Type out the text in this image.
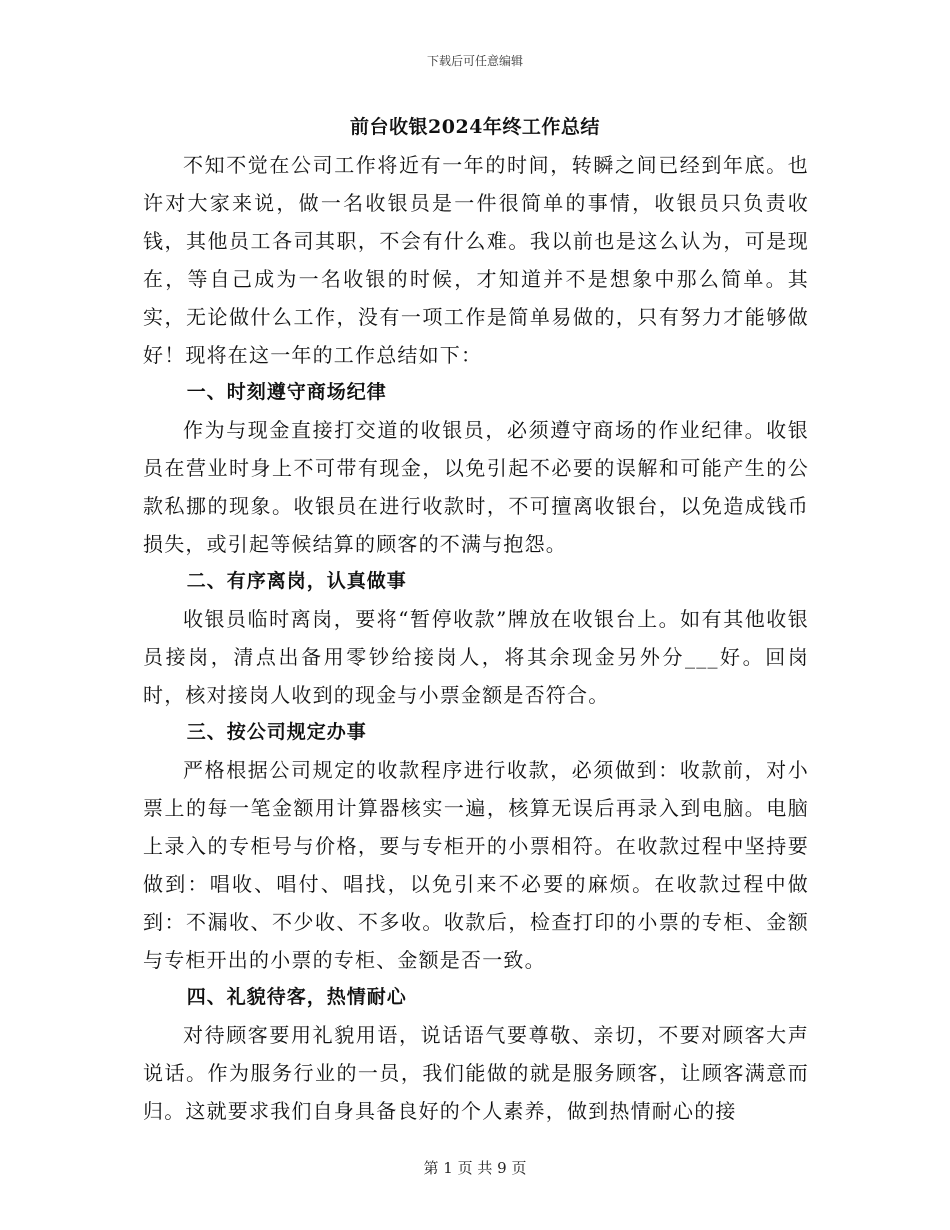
下载后可任意编辑
前台收银2024年终工作总结

不知不觉在公司工作将近有一年的时间，转瞬之间已经到年底。也许对大家来说，做一名收银员是一件很简单的事情，收银员只负责收钱，其他员工各司其职，不会有什么难。我以前也是这么认为，可是现在，等自己成为一名收银的时候，才知道并不是想象中那么简单。其实，无论做什么工作，没有一项工作是简单易做的，只有努力才能够做好！现将在这一年的工作总结如下：

一、时刻遵守商场纪律

作为与现金直接打交道的收银员，必须遵守商场的作业纪律。收银员在营业时身上不可带有现金，以免引起不必要的误解和可能产生的公款私挪的现象。收银员在进行收款时，不可擅离收银台，以免造成钱币损失，或引起等候结算的顾客的不满与抱怨。

二、有序离岗，认真做事

收银员临时离岗，要将“暂停收款”牌放在收银台上。如有其他收银员接岗，清点出备用零钞给接岗人，将其余现金另外分___好。回岗时，核对接岗人收到的现金与小票金额是否符合。

三、按公司规定办事

严格根据公司规定的收款程序进行收款，必须做到：收款前，对小票上的每一笔金额用计算器核实一遍，核算无误后再录入到电脑。电脑上录入的专柜号与价格，要与专柜开的小票相符。在收款过程中坚持要做到：唱收、唱付、唱找，以免引来不必要的麻烦。在收款过程中做到：不漏收、不少收、不多收。收款后，检查打印的小票的专柜、金额与专柜开出的小票的专柜、金额是否一致。

四、礼貌待客，热情耐心

对待顾客要用礼貌用语，说话语气要尊敬、亲切，不要对顾客大声说话。作为服务行业的一员，我们能做的就是服务顾客，让顾客满意而归。这就要求我们自身具备良好的个人素养，做到热情耐心的接

第 1 页 共 9 页
